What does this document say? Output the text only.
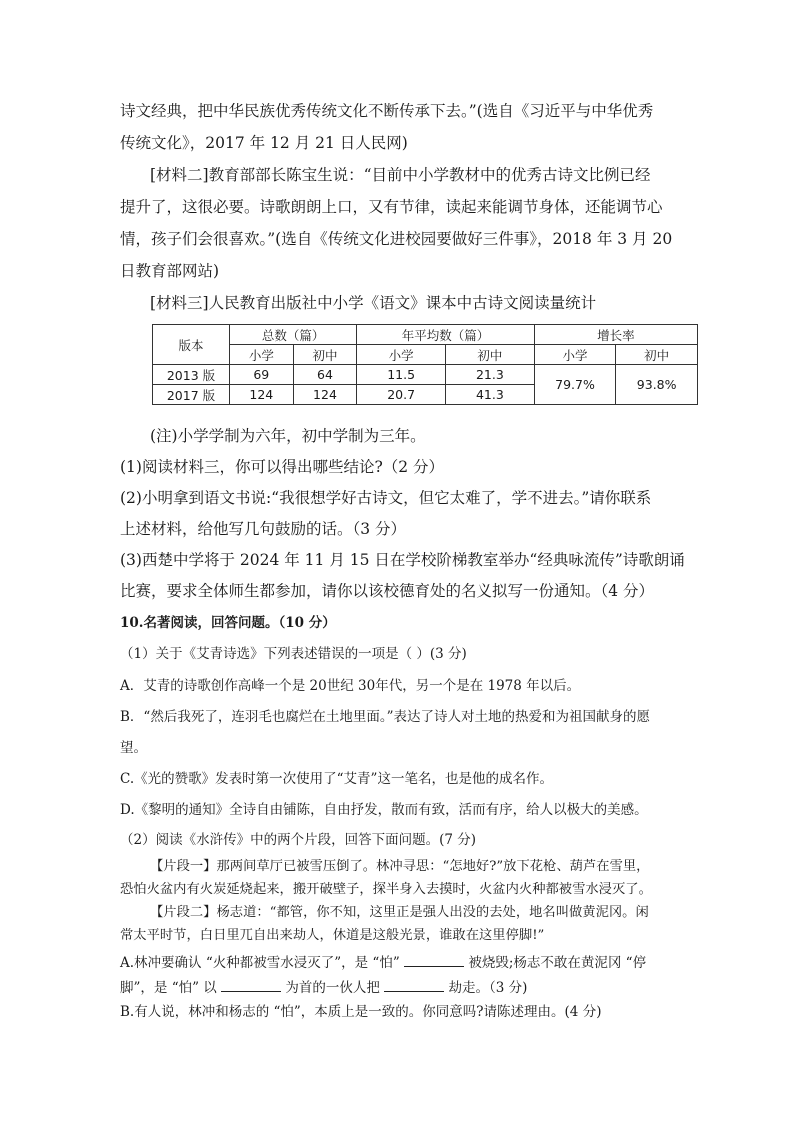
诗文经典，把中华民族优秀传统文化不断传承下去。”(选自《习近平与中华优秀
传统文化》，2017 年 12 月 21 日人民网)
[材料二]教育部部长陈宝生说：“目前中小学教材中的优秀古诗文比例已经
提升了，这很必要。诗歌朗朗上口，又有节律，读起来能调节身体，还能调节心
情，孩子们会很喜欢。”(选自《传统文化进校园要做好三件事》，2018 年 3 月 20
日教育部网站)
[材料三]人民教育出版社中小学《语文》课本中古诗文阅读量统计
版本	总数（篇）		年平均数（篇）		增长率	
	小学	初中	小学	初中	小学	初中
2013 版	69	64	11.5	21.3	79.7%	93.8%
2017 版	124	124	20.7	41.3		
(注)小学学制为六年，初中学制为三年。
(1)阅读材料三，你可以得出哪些结论?（2 分）
(2)小明拿到语文书说:“我很想学好古诗文，但它太难了，学不进去。”请你联系
上述材料，给他写几句鼓励的话。（3 分）
(3)西楚中学将于 2024 年 11 月 15 日在学校阶梯教室举办“经典咏流传”诗歌朗诵
比赛，要求全体师生都参加，请你以该校德育处的名义拟写一份通知。（4 分）
10.名著阅读，回答问题。（10 分）
（1）关于《艾青诗选》下列表述错误的一项是（ ）(3 分)
A．艾青的诗歌创作高峰一个是 20世纪 30年代，另一个是在 1978 年以后。
B．“然后我死了，连羽毛也腐烂在土地里面。”表达了诗人对土地的热爱和为祖国献身的愿
望。
C.《光的赞歌》发表时第一次使用了“艾青”这一笔名，也是他的成名作。
D.《黎明的通知》全诗自由铺陈，自由抒发，散而有致，活而有序，给人以极大的美感。
（2）阅读《水浒传》中的两个片段，回答下面问题。(7 分)
【片段一】那两间草厅已被雪压倒了。林冲寻思：“怎地好?”放下花枪、葫芦在雪里，
恐怕火盆内有火炭延烧起来，搬开破壁子，探半身入去摸时，火盆内火种都被雪水浸灭了。
【片段二】杨志道：“都管，你不知，这里正是强人出没的去处，地名叫做黄泥冈。闲
常太平时节，白日里兀自出来劫人，休道是这般光景，谁敢在这里停脚!”
A.林冲要确认 “火种都被雪水浸灭了”，是 “怕”	被烧毁;杨志不敢在黄泥冈 “停
脚”，是 “怕” 以	为首的一伙人把	劫走。（3 分)
B.有人说，林冲和杨志的 “怕”，本质上是一致的。你同意吗?请陈述理由。(4 分)
